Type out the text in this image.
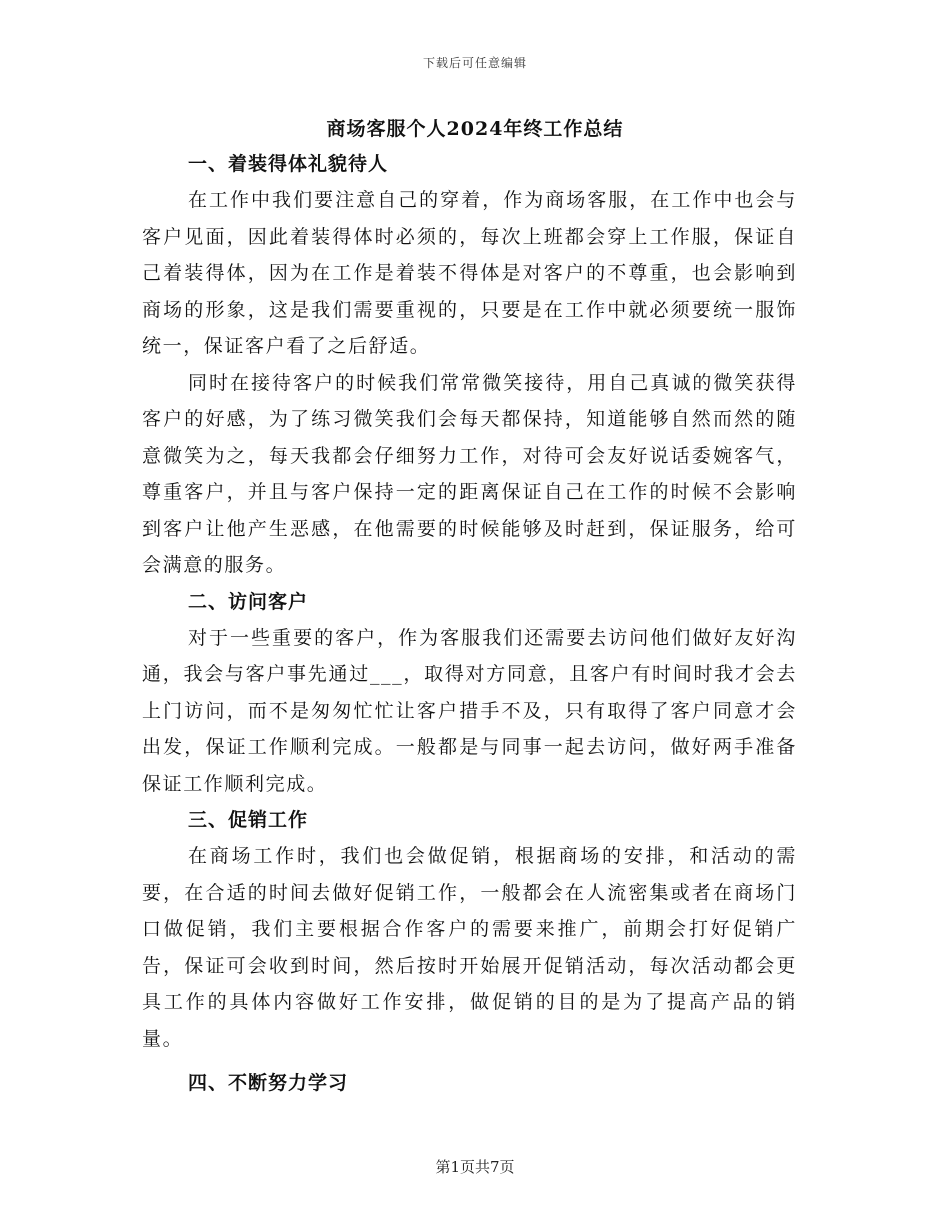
下载后可任意编辑
商场客服个人2024年终工作总结
一、着装得体礼貌待人

在工作中我们要注意自己的穿着，作为商场客服，在工作中也会与客户见面，因此着装得体时必须的，每次上班都会穿上工作服，保证自己着装得体，因为在工作是着装不得体是对客户的不尊重，也会影响到商场的形象，这是我们需要重视的，只要是在工作中就必须要统一服饰统一，保证客户看了之后舒适。

同时在接待客户的时候我们常常微笑接待，用自己真诚的微笑获得客户的好感，为了练习微笑我们会每天都保持，知道能够自然而然的随意微笑为之，每天我都会仔细努力工作，对待可会友好说话委婉客气，尊重客户，并且与客户保持一定的距离保证自己在工作的时候不会影响到客户让他产生恶感，在他需要的时候能够及时赶到，保证服务，给可会满意的服务。

二、访问客户

对于一些重要的客户，作为客服我们还需要去访问他们做好友好沟通，我会与客户事先通过___，取得对方同意，且客户有时间时我才会去上门访问，而不是匆匆忙忙让客户措手不及，只有取得了客户同意才会出发，保证工作顺利完成。一般都是与同事一起去访问，做好两手准备保证工作顺利完成。

三、促销工作

在商场工作时，我们也会做促销，根据商场的安排，和活动的需要，在合适的时间去做好促销工作，一般都会在人流密集或者在商场门口做促销，我们主要根据合作客户的需要来推广，前期会打好促销广告，保证可会收到时间，然后按时开始展开促销活动，每次活动都会更具工作的具体内容做好工作安排，做促销的目的是为了提高产品的销量。

四、不断努力学习
第1页共7页
